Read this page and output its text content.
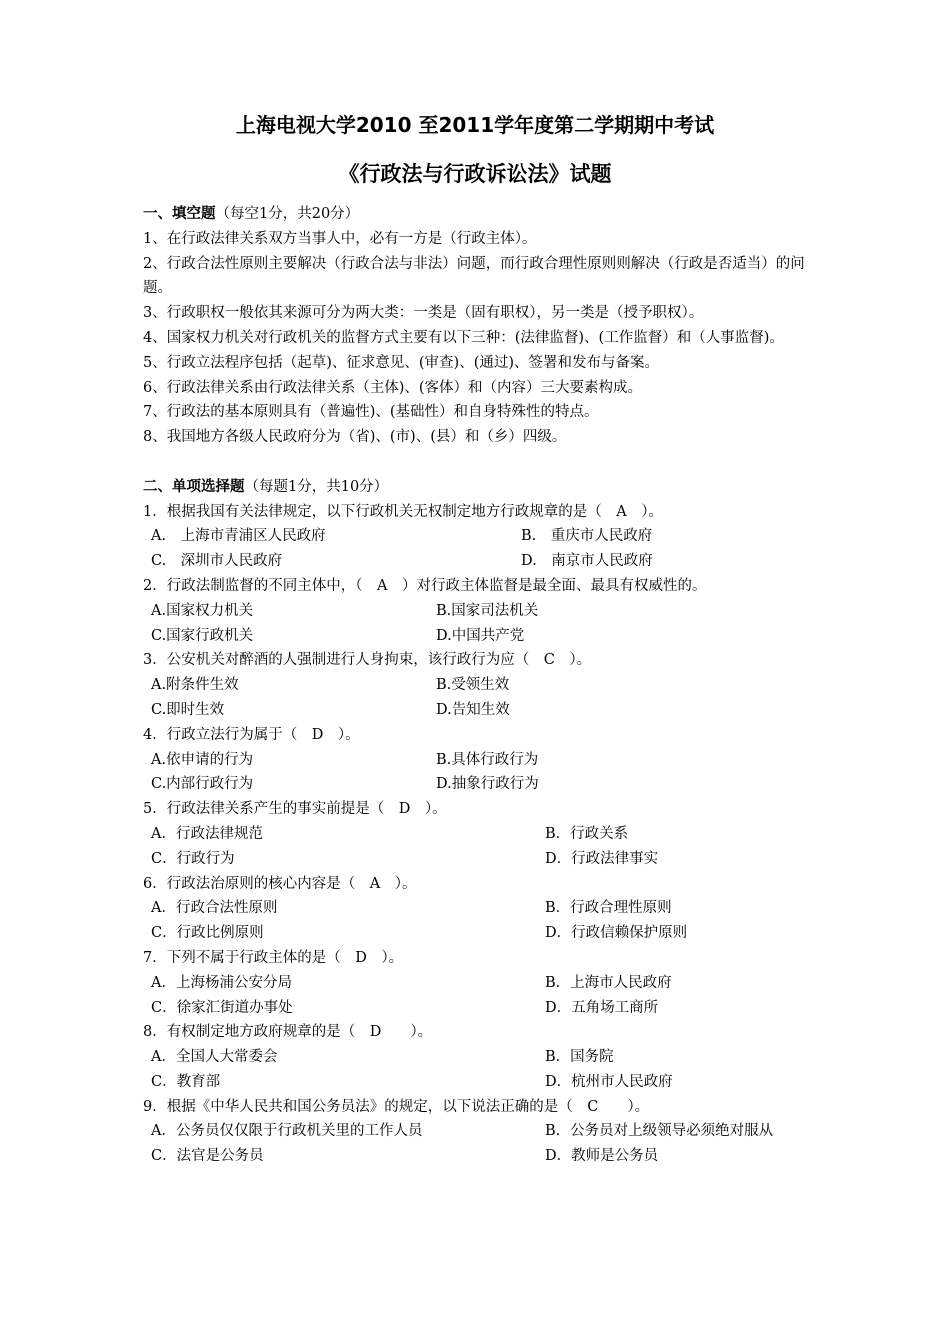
上海电视大学2010 至2011学年度第二学期期中考试
《行政法与行政诉讼法》试题
一、填空题（每空1分，共20分）
1、在行政法律关系双方当事人中，必有一方是（行政主体）。
2、行政合法性原则主要解决（行政合法与非法）问题，而行政合理性原则则解决（行政是否适当）的问题。
3、行政职权一般依其来源可分为两大类：一类是（固有职权），另一类是（授予职权）。
4、国家权力机关对行政机关的监督方式主要有以下三种：(法律监督)、(工作监督）和（人事监督)。
5、行政立法程序包括（起草)、征求意见、(审查)、(通过)、签署和发布与备案。
6、行政法律关系由行政法律关系（主体)、(客体）和（内容）三大要素构成。
7、行政法的基本原则具有（普遍性)、(基础性）和自身特殊性的特点。
8、我国地方各级人民政府分为（省)、(市)、(县）和（乡）四级。
二、单项选择题（每题1分，共10分）
1．根据我国有关法律规定，以下行政机关无权制定地方行政规章的是（　A　）。
A.　上海市青浦区人民政府	B.　重庆市人民政府
C.　深圳市人民政府	D.　南京市人民政府
2．行政法制监督的不同主体中，（　A　）对行政主体监督是最全面、最具有权威性的。
A.国家权力机关	B.国家司法机关
C.国家行政机关	D.中国共产党
3．公安机关对醉酒的人强制进行人身拘束，该行政行为应（　C　）。
A.附条件生效	B.受领生效
C.即时生效	D.告知生效
4．行政立法行为属于（　D　）。
A.依申请的行为	B.具体行政行为
C.内部行政行为	D.抽象行政行为
5．行政法律关系产生的事实前提是（　D　）。
A．行政法律规范	B．行政关系
C．行政行为	D．行政法律事实
6．行政法治原则的核心内容是（　A　）。
A．行政合法性原则	B．行政合理性原则
C．行政比例原则	D．行政信赖保护原则
7．下列不属于行政主体的是（　D　）。
A．上海杨浦公安分局	B．上海市人民政府
C．徐家汇街道办事处	D．五角场工商所
8．有权制定地方政府规章的是（　D　　）。
A．全国人大常委会	B．国务院
C．教育部	D．杭州市人民政府
9．根据《中华人民共和国公务员法》的规定，以下说法正确的是（　C　　）。
A．公务员仅仅限于行政机关里的工作人员	B．公务员对上级领导必须绝对服从
C．法官是公务员	D．教师是公务员
